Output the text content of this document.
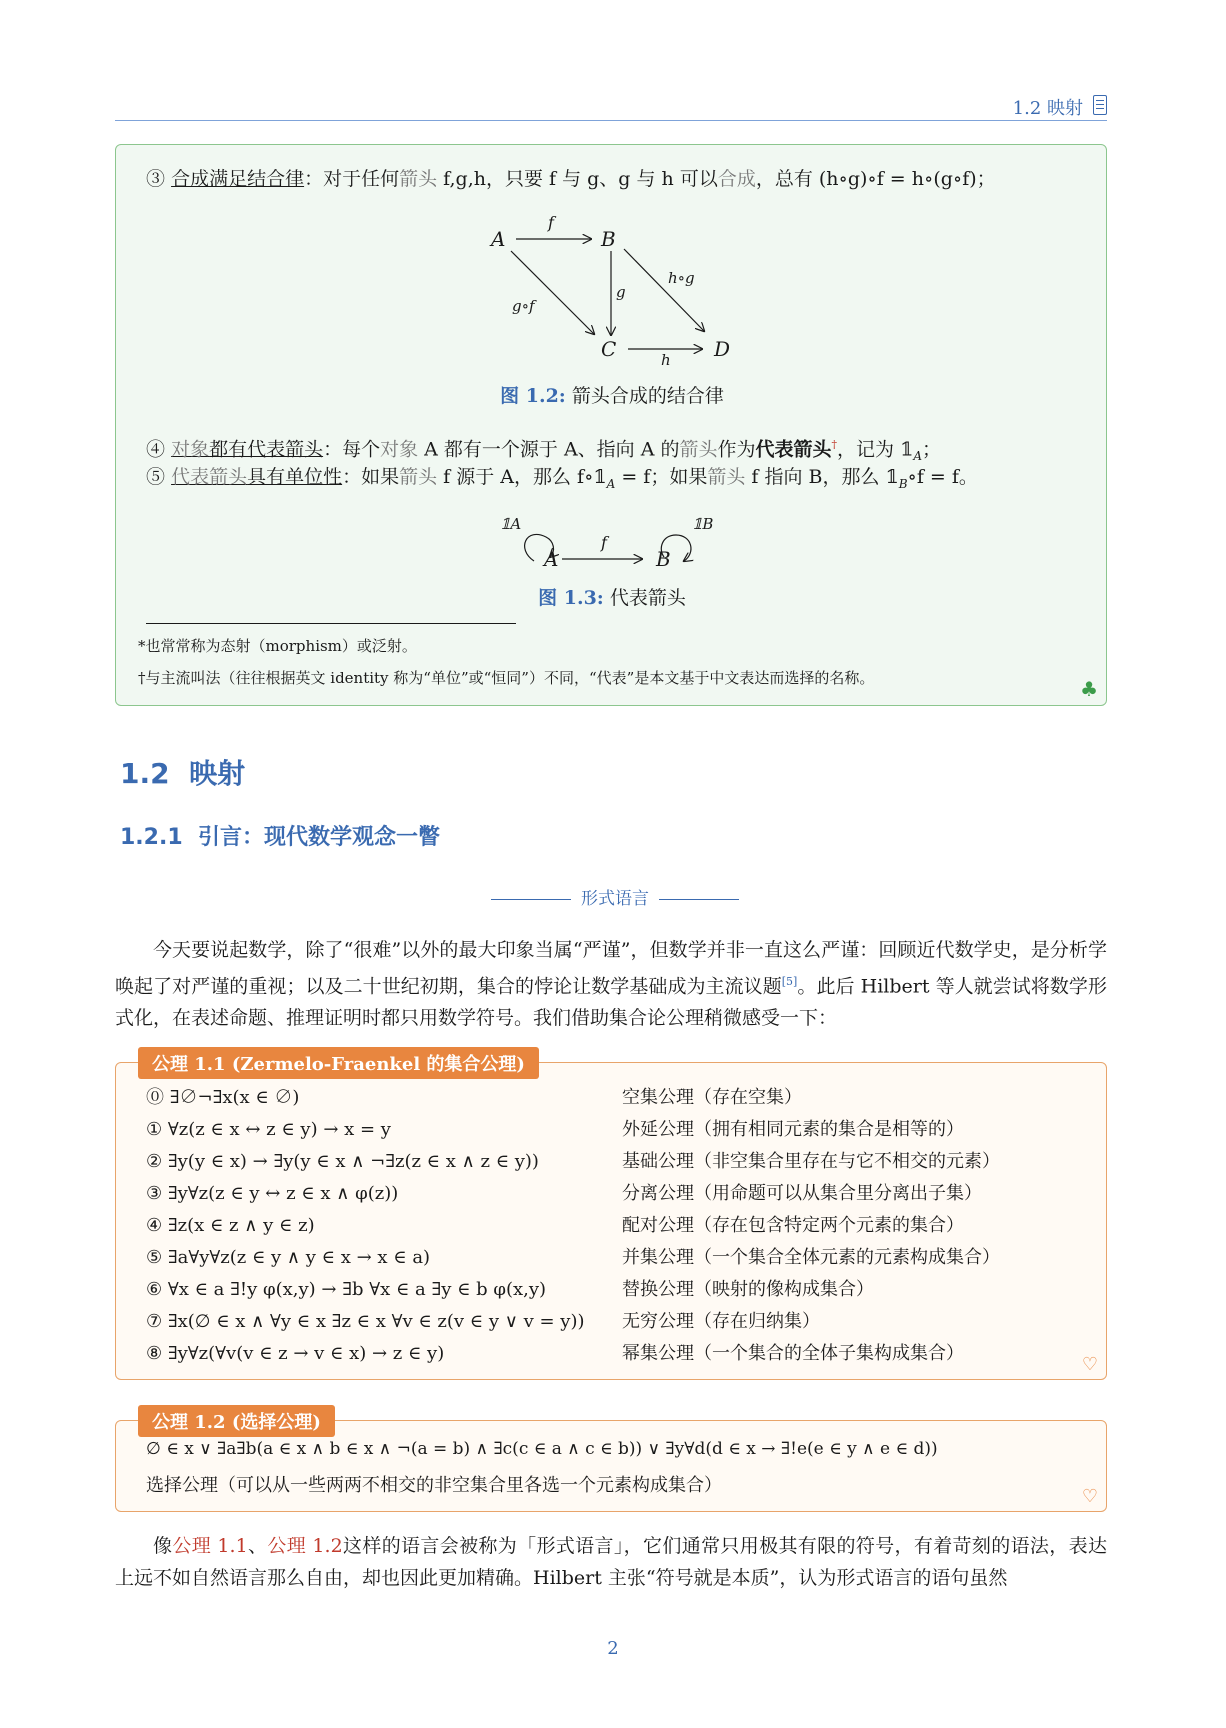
1.2 映射
③ 合成满足结合律：对于任何箭头 f,g,h，只要 f 与 g、g 与 h 可以合成，总有 (h∘g)∘f = h∘(g∘f)；
A	B
C	D
f
g
h∘g
g∘f
h
图 1.2: 箭头合成的结合律
④ 对象都有代表箭头：每个对象 A 都有一个源于 A、指向 A 的箭头作为代表箭头†，记为 $𝟙_A$；
⑤ 代表箭头具有单位性：如果箭头 f 源于 A，那么 $f\circ 𝟙_A = f$；如果箭头 f 指向 B，那么 $𝟙_B\circ f = f$。
𝟙A	𝟙B
A	B
f
图 1.3: 代表箭头
*也常常称为态射（morphism）或泛射。
†与主流叫法（往往根据英文 identity 称为“单位”或“恒同”）不同，“代表”是本文基于中文表达而选择的名称。	♣
1.2 映射
1.2.1 引言：现代数学观念一瞥
形式语言
今天要说起数学，除了“很难”以外的最大印象当属“严谨”，但数学并非一直这么严谨：回顾近代数学史，是分析学唤起了对严谨的重视；以及二十世纪初期，集合的悖论让数学基础成为主流议题[5]。此后 Hilbert 等人就尝试将数学形式化，在表述命题、推理证明时都只用数学符号。我们借助集合论公理稍微感受一下：
公理 1.1 (Zermelo-Fraenkel 的集合公理)
⓪ ∃∅¬∃x(x ∈ ∅)	空集公理（存在空集）
① ∀z(z ∈ x ↔ z ∈ y) → x = y	外延公理（拥有相同元素的集合是相等的）
② ∃y(y ∈ x) → ∃y(y ∈ x ∧ ¬∃z(z ∈ x ∧ z ∈ y))	基础公理（非空集合里存在与它不相交的元素）
③ ∃y∀z(z ∈ y ↔ z ∈ x ∧ φ(z))	分离公理（用命题可以从集合里分离出子集）
④ ∃z(x ∈ z ∧ y ∈ z)	配对公理（存在包含特定两个元素的集合）
⑤ ∃a∀y∀z(z ∈ y ∧ y ∈ x → x ∈ a)	并集公理（一个集合全体元素的元素构成集合）
⑥ ∀x ∈ a ∃!y φ(x,y) → ∃b ∀x ∈ a ∃y ∈ b φ(x,y)	替换公理（映射的像构成集合）
⑦ ∃x(∅ ∈ x ∧ ∀y ∈ x ∃z ∈ x ∀v ∈ z(v ∈ y ∨ v = y)) 无穷公理（存在归纳集）
⑧ ∃y∀z(∀v(v ∈ z → v ∈ x) → z ∈ y)	幂集公理（一个集合的全体子集构成集合）
♡
公理 1.2 (选择公理)
∅ ∈ x ∨ ∃a∃b(a ∈ x ∧ b ∈ x ∧ ¬(a = b) ∧ ∃c(c ∈ a ∧ c ∈ b)) ∨ ∃y∀d(d ∈ x → ∃!e(e ∈ y ∧ e ∈ d))
选择公理（可以从一些两两不相交的非空集合里各选一个元素构成集合）
♡
像公理 1.1、公理 1.2这样的语言会被称为「形式语言」，它们通常只用极其有限的符号，有着苛刻的语法，表达上远不如自然语言那么自由，却也因此更加精确。Hilbert 主张“符号就是本质”，认为形式语言的语句虽然
2
